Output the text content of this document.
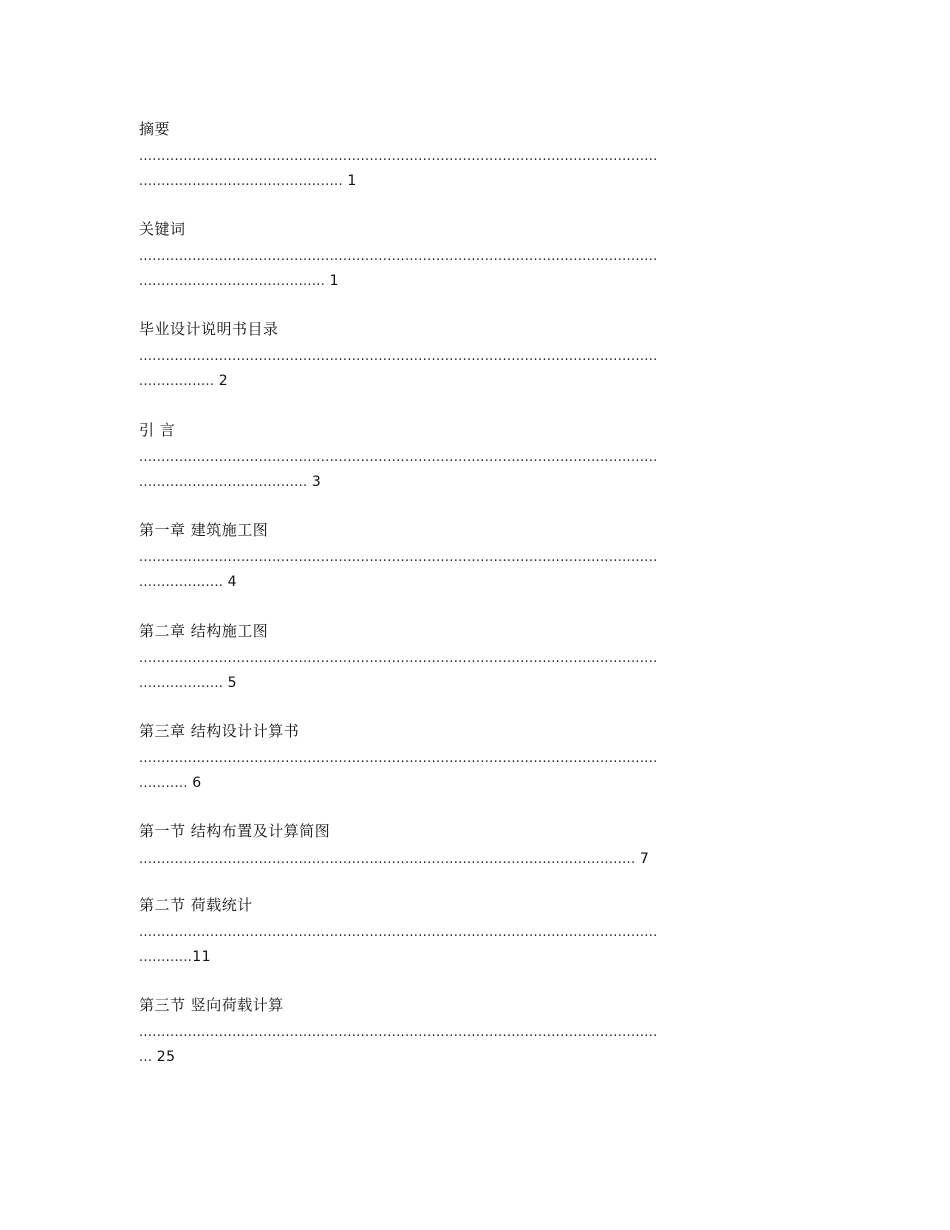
摘要
.....................................................................................................................
.............................................. 1
关键词
.....................................................................................................................
.......................................... 1
毕业设计说明书目录
.....................................................................................................................
................. 2
引 言
.....................................................................................................................
...................................... 3
第一章 建筑施工图
.....................................................................................................................
................... 4
第二章 结构施工图
.....................................................................................................................
................... 5
第三章 结构设计计算书
.....................................................................................................................
........... 6
第一节 结构布置及计算简图
................................................................................................................ 7
第二节 荷载统计
.....................................................................................................................
............11
第三节 竖向荷载计算
.....................................................................................................................
... 25
